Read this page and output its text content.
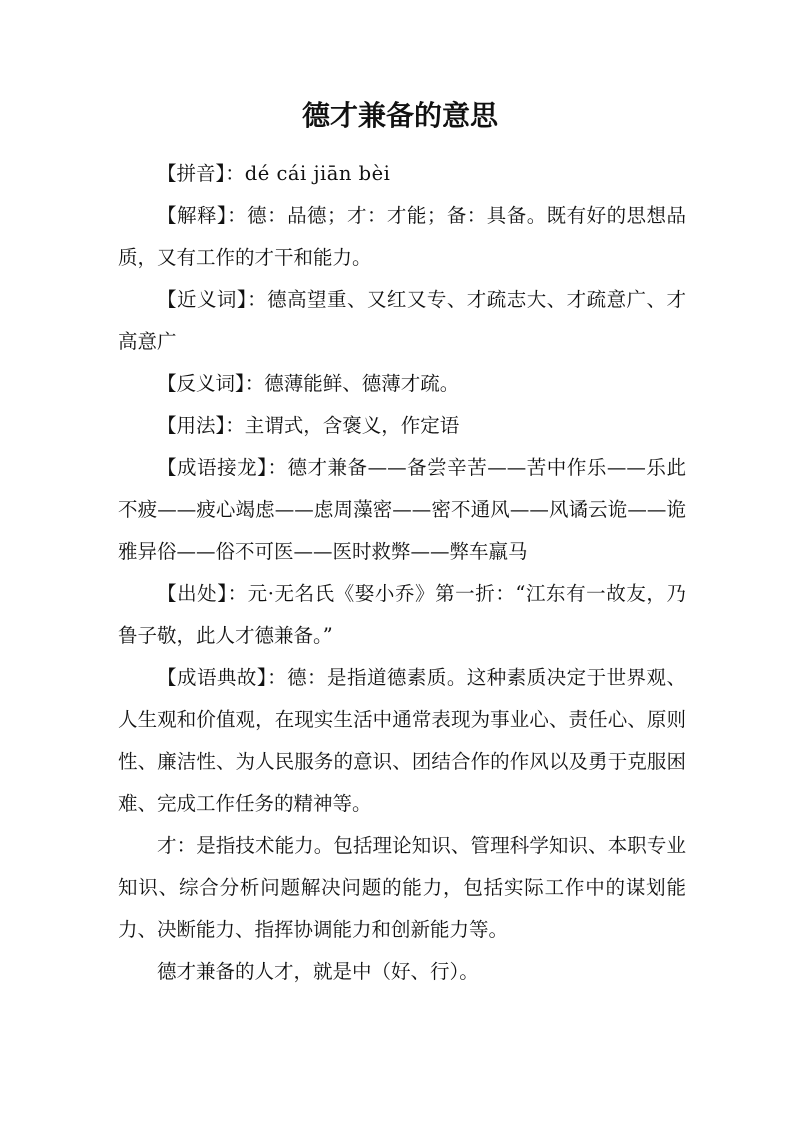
德才兼备的意思

【拼音】：dé cái jiān bèi

【解释】：德：品德；才：才能；备：具备。既有好的思想品质，又有工作的才干和能力。

【近义词】：德高望重、又红又专、才疏志大、才疏意广、才高意广

【反义词】：德薄能鲜、德薄才疏。

【用法】：主谓式，含褒义，作定语

【成语接龙】：德才兼备——备尝辛苦——苦中作乐——乐此不疲——疲心竭虑——虑周藻密——密不通风——风谲云诡——诡雅异俗——俗不可医——医时救弊——弊车羸马

【出处】：元·无名氏《娶小乔》第一折：“江东有一故友，乃鲁子敬，此人才德兼备。”

【成语典故】：德：是指道德素质。这种素质决定于世界观、人生观和价值观，在现实生活中通常表现为事业心、责任心、原则性、廉洁性、为人民服务的意识、团结合作的作风以及勇于克服困难、完成工作任务的精神等。

才：是指技术能力。包括理论知识、管理科学知识、本职专业知识、综合分析问题解决问题的能力，包括实际工作中的谋划能力、决断能力、指挥协调能力和创新能力等。

德才兼备的人才，就是中（好、行）。
